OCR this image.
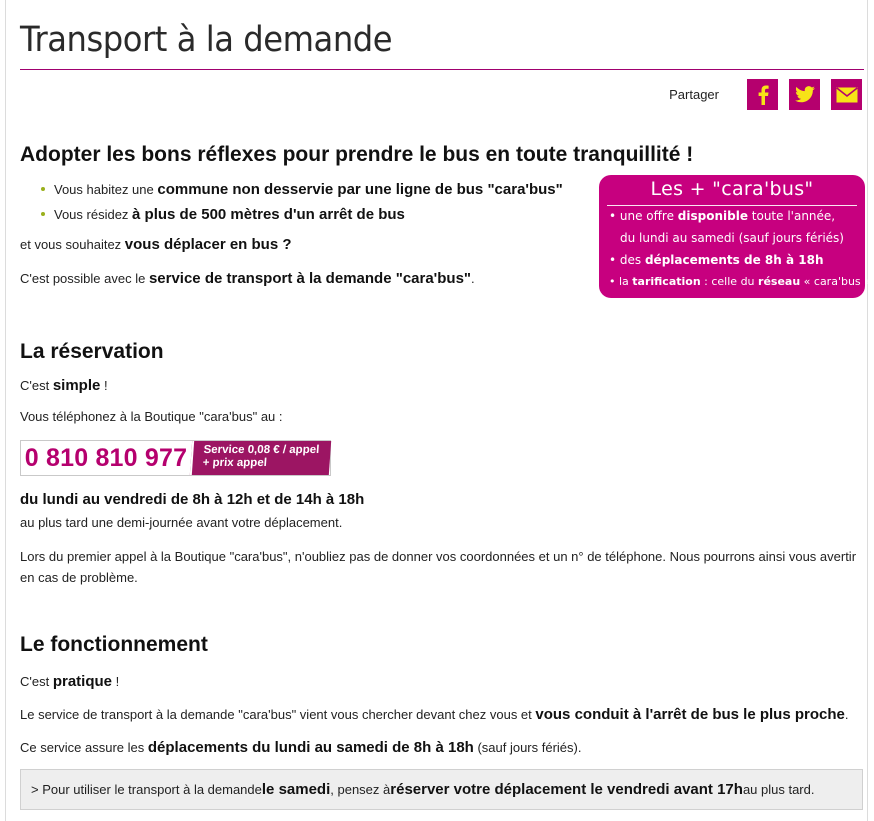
Transport à la demande
Partager
Adopter les bons réflexes pour prendre le bus en toute tranquillité !
Vous habitez une commune non desservie par une ligne de bus "cara'bus"
Vous résidez à plus de 500 mètres d'un arrêt de bus

et vous souhaitez vous déplacer en bus ?

C'est possible avec le service de transport à la demande "cara'bus".

Les + "cara'bus"
• une offre disponible toute l'année,
du lundi au samedi (sauf jours fériés)
• des déplacements de 8h à 18h
• la tarification : celle du réseau « cara'bus ».
La réservation

C'est simple !

Vous téléphonez à la Boutique "cara'bus" au :

0 810 810 977	Service 0,08 € / appel
+ prix appel

du lundi au vendredi de 8h à 12h et de 14h à 18h

au plus tard une demi-journée avant votre déplacement.

Lors du premier appel à la Boutique "cara'bus", n'oubliez pas de donner vos coordonnées et un n° de téléphone. Nous pourrons ainsi vous avertir
en cas de problème.

Le fonctionnement

C'est pratique !

Le service de transport à la demande "cara'bus" vient vous chercher devant chez vous et vous conduit à l'arrêt de bus le plus proche.

Ce service assure les déplacements du lundi au samedi de 8h à 18h (sauf jours fériés).

> Pour utiliser le transport à la demande le samedi , pensez à réserver votre déplacement le vendredi avant 17h au plus tard.
